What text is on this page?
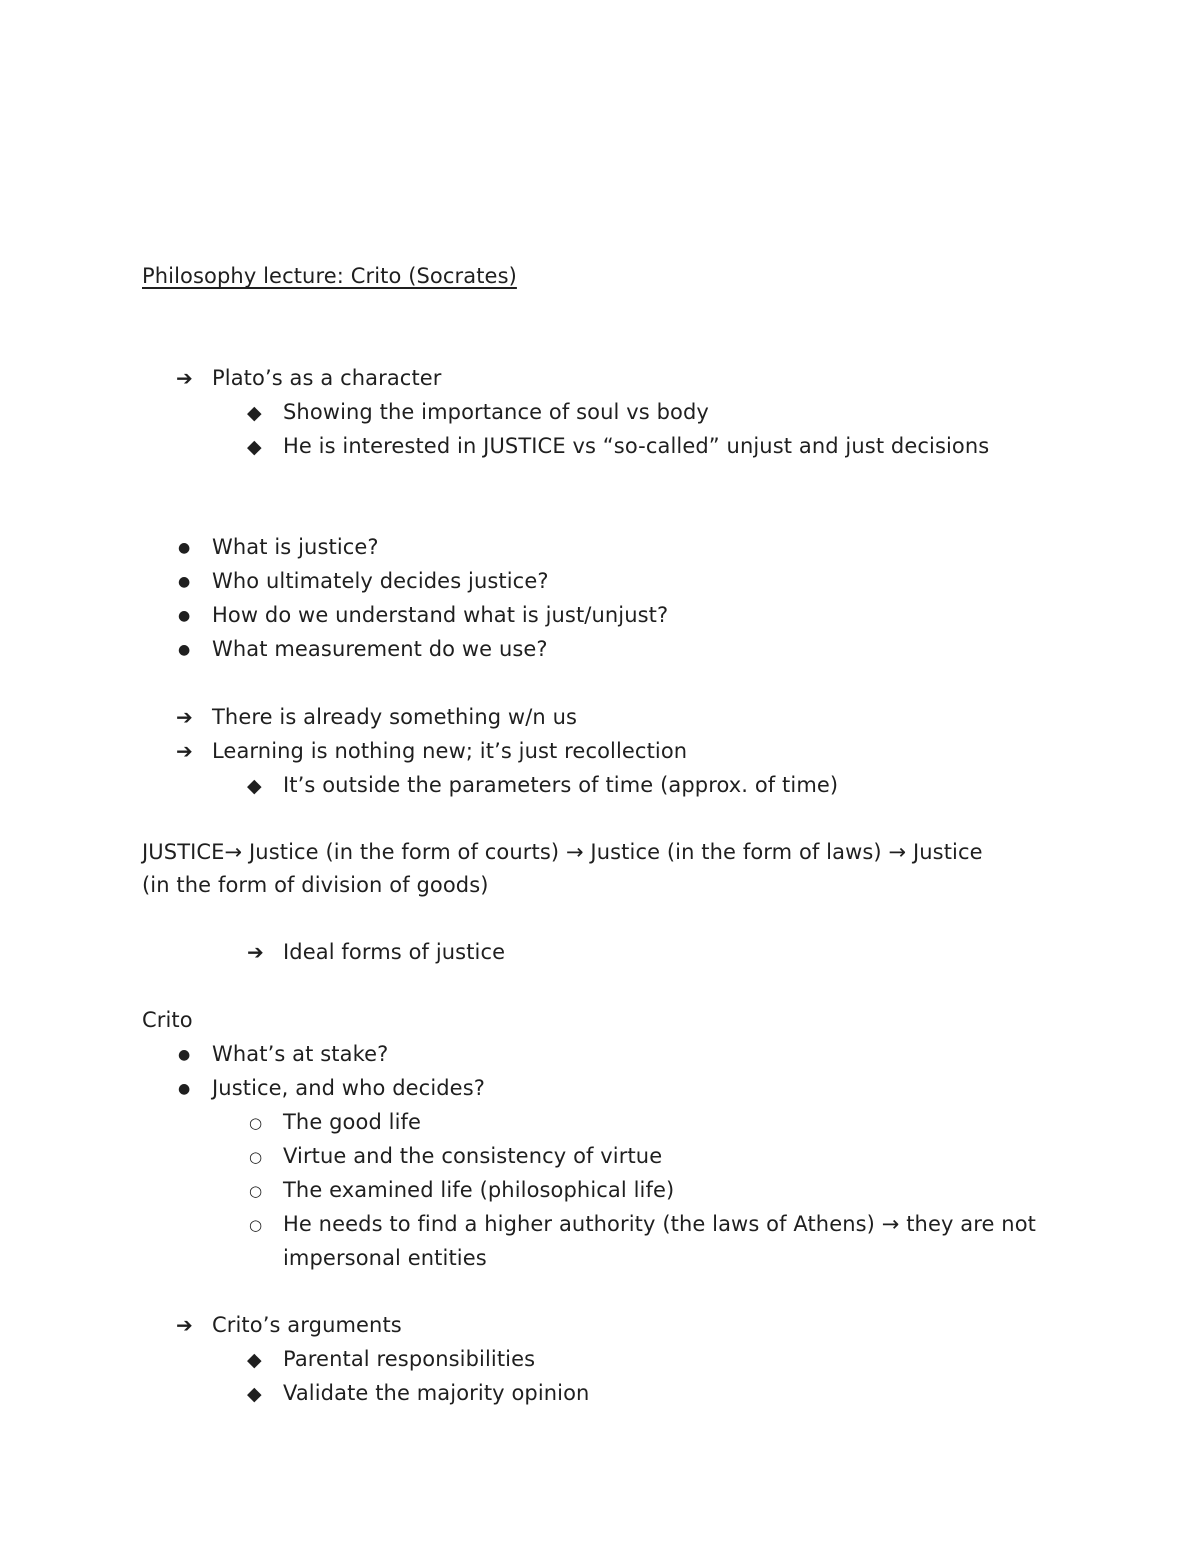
Philosophy lecture: Crito (Socrates)
➔ Plato’s as a character
◆ Showing the importance of soul vs body
◆ He is interested in JUSTICE vs “so-called” unjust and just decisions
● What is justice?
● Who ultimately decides justice?
● How do we understand what is just/unjust?
● What measurement do we use?
➔ There is already something w/n us
➔ Learning is nothing new; it’s just recollection
◆ It’s outside the parameters of time (approx. of time)
JUSTICE→ Justice (in the form of courts) → Justice (in the form of laws) → Justice
(in the form of division of goods)
➔ Ideal forms of justice
Crito
● What’s at stake?
● Justice, and who decides?
○ The good life
○ Virtue and the consistency of virtue
○ The examined life (philosophical life)
○ He needs to find a higher authority (the laws of Athens) → they are not
impersonal entities
➔ Crito’s arguments
◆ Parental responsibilities
◆ Validate the majority opinion
